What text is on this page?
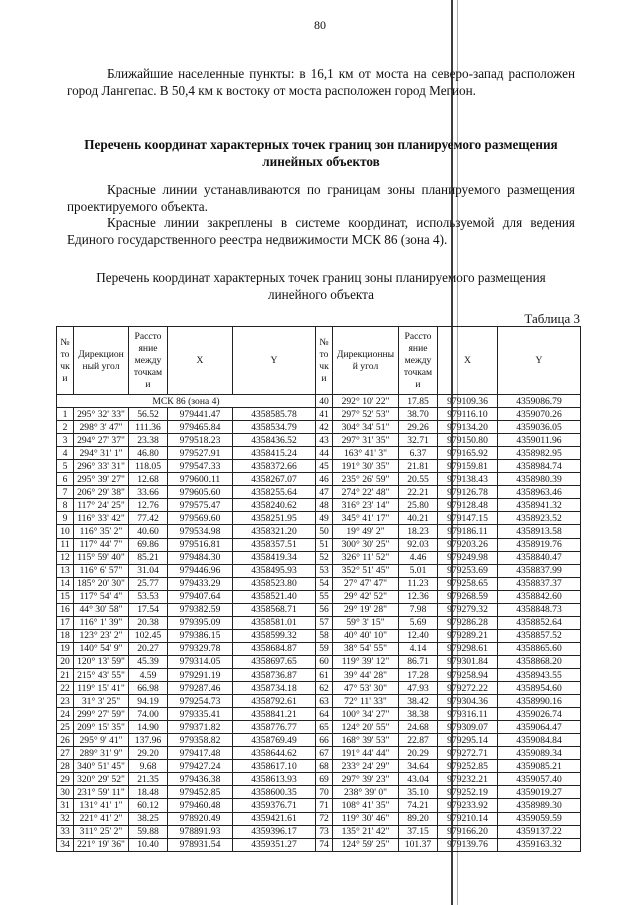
80

Ближайшие населенные пункты: в 16,1 км от моста на северо-запад расположен город Лангепас. В 50,4 км к востоку от моста расположен город Мегион.

Перечень координат характерных точек границ зон планируемого размещения линейных объектов

Красные линии устанавливаются по границам зоны планируемого размещения проектируемого объекта.

Красные линии закреплены в системе координат, используемой для ведения Единого государственного реестра недвижимости МСК 86 (зона 4).

Перечень координат характерных точек границ зоны планируемого размещения линейного объекта

Таблица 3
№ то чк и	Дирекцион ный угол	Рассто яние между точкам и	X	Y	№ то чк и	Дирекционны й угол	Рассто яние между точкам и	X	Y
МСК 86 (зона 4)					40	292° 10' 22"	17.85	979109.36	4359086.79
1	295° 32' 33"	56.52	979441.47	4358585.78	41	297° 52' 53"	38.70	979116.10	4359070.26
2	298° 3' 47"	111.36	979465.84	4358534.79	42	304° 34' 51"	29.26	979134.20	4359036.05
3	294° 27' 37"	23.38	979518.23	4358436.52	43	297° 31' 35"	32.71	979150.80	4359011.96
4	294° 31' 1"	46.80	979527.91	4358415.24	44	163° 41' 3"	6.37	979165.92	4358982.95
5	296° 33' 31"	118.05	979547.33	4358372.66	45	191° 30' 35"	21.81	979159.81	4358984.74
6	295° 39' 27"	12.68	979600.11	4358267.07	46	235° 26' 59"	20.55	979138.43	4358980.39
7	206° 29' 38"	33.66	979605.60	4358255.64	47	274° 22' 48"	22.21	979126.78	4358963.46
8	117° 24' 25"	12.76	979575.47	4358240.62	48	316° 23' 14"	25.80	979128.48	4358941.32
9	116° 33' 42"	77.42	979569.60	4358251.95	49	345° 41' 17"	40.21	979147.15	4358923.52
10	116° 35' 2"	40.60	979534.98	4358321.20	50	19° 49' 2"	18.23	979186.11	4358913.58
11	117° 44' 7"	69.86	979516.81	4358357.51	51	300° 30' 25"	92.03	979203.26	4358919.76
12	115° 59' 40"	85.21	979484.30	4358419.34	52	326° 11' 52"	4.46	979249.98	4358840.47
13	116° 6' 57"	31.04	979446.96	4358495.93	53	352° 51' 45"	5.01	979253.69	4358837.99
14	185° 20' 30"	25.77	979433.29	4358523.80	54	27° 47' 47"	11.23	979258.65	4358837.37
15	117° 54' 4"	53.53	979407.64	4358521.40	55	29° 42' 52"	12.36	979268.59	4358842.60
16	44° 30' 58"	17.54	979382.59	4358568.71	56	29° 19' 28"	7.98	979279.32	4358848.73
17	116° 1' 39"	20.38	979395.09	4358581.01	57	59° 3' 15"	5.69	979286.28	4358852.64
18	123° 23' 2"	102.45	979386.15	4358599.32	58	40° 40' 10"	12.40	979289.21	4358857.52
19	140° 54' 9"	20.27	979329.78	4358684.87	59	38° 54' 55"	4.14	979298.61	4358865.60
20	120° 13' 59"	45.39	979314.05	4358697.65	60	119° 39' 12"	86.71	979301.84	4358868.20
21	215° 43' 55"	4.59	979291.19	4358736.87	61	39° 44' 28"	17.28	979258.94	4358943.55
22	119° 15' 41"	66.98	979287.46	4358734.18	62	47° 53' 30"	47.93	979272.22	4358954.60
23	31° 3' 25"	94.19	979254.73	4358792.61	63	72° 11' 33"	38.42	979304.36	4358990.16
24	299° 27' 59"	74.00	979335.41	4358841.21	64	100° 34' 27"	38.38	979316.11	4359026.74
25	209° 15' 35"	14.90	979371.82	4358776.77	65	124° 20' 55"	24.68	979309.07	4359064.47
26	295° 9' 41"	137.96	979358.82	4358769.49	66	168° 39' 53"	22.87	979295.14	4359084.84
27	289° 31' 9"	29.20	979417.48	4358644.62	67	191° 44' 44"	20.29	979272.71	4359089.34
28	340° 51' 45"	9.68	979427.24	4358617.10	68	233° 24' 29"	34.64	979252.85	4359085.21
29	320° 29' 52"	21.35	979436.38	4358613.93	69	297° 39' 23"	43.04	979232.21	4359057.40
30	231° 59' 11"	18.48	979452.85	4358600.35	70	238° 39' 0"	35.10	979252.19	4359019.27
31	131° 41' 1"	60.12	979460.48	4359376.71	71	108° 41' 35"	74.21	979233.92	4358989.30
32	221° 41' 2"	38.25	978920.49	4359421.61	72	119° 30' 46"	89.20	979210.14	4359059.59
33	311° 25' 2"	59.88	978891.93	4359396.17	73	135° 21' 42"	37.15	979166.20	4359137.22
34	221° 19' 36"	10.40	978931.54	4359351.27	74	124° 59' 25"	101.37	979139.76	4359163.32
